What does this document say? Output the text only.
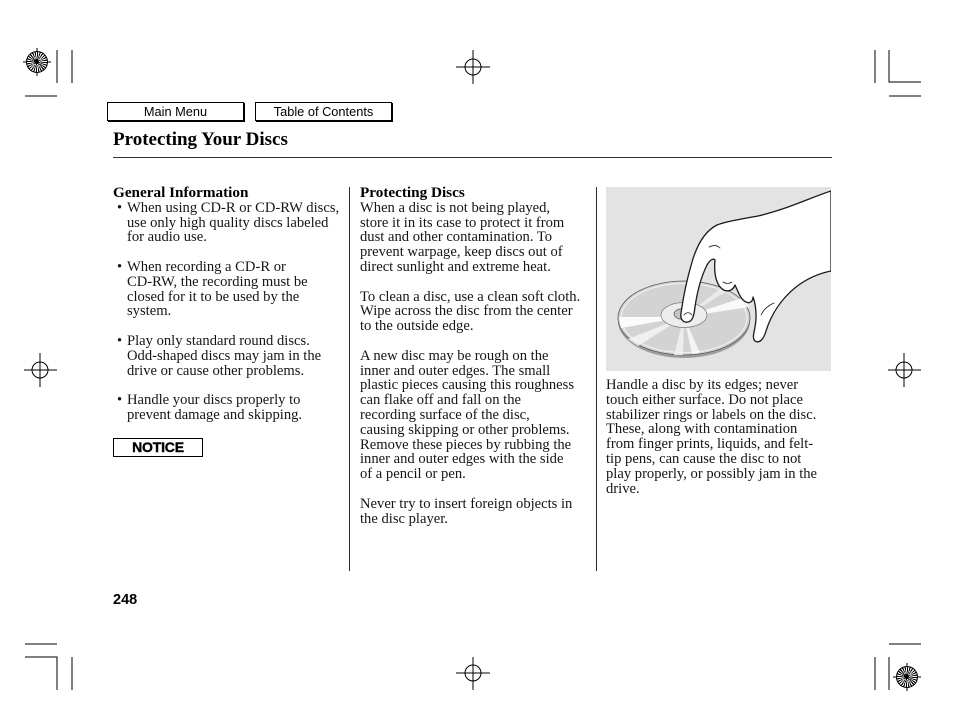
Main Menu	Table of Contents
Protecting Your Discs
General Information
• When using CD-R or CD-RW discs,
use only high quality discs labeled
for audio use.
• When recording a CD-R or
CD-RW, the recording must be
closed for it to be used by the
system.
• Play only standard round discs.
Odd-shaped discs may jam in the
drive or cause other problems.
• Handle your discs properly to
prevent damage and skipping.
NOTICE
Protecting Discs

When a disc is not being played,
store it in its case to protect it from
dust and other contamination. To
prevent warpage, keep discs out of
direct sunlight and extreme heat.

To clean a disc, use a clean soft cloth.
Wipe across the disc from the center
to the outside edge.

A new disc may be rough on the
inner and outer edges. The small
plastic pieces causing this roughness
can flake off and fall on the
recording surface of the disc,
causing skipping or other problems.
Remove these pieces by rubbing the
inner and outer edges with the side
of a pencil or pen.

Never try to insert foreign objects in
the disc player.

Handle a disc by its edges; never
touch either surface. Do not place
stabilizer rings or labels on the disc.
These, along with contamination
from finger prints, liquids, and felt-
tip pens, can cause the disc to not
play properly, or possibly jam in the
drive.

248
